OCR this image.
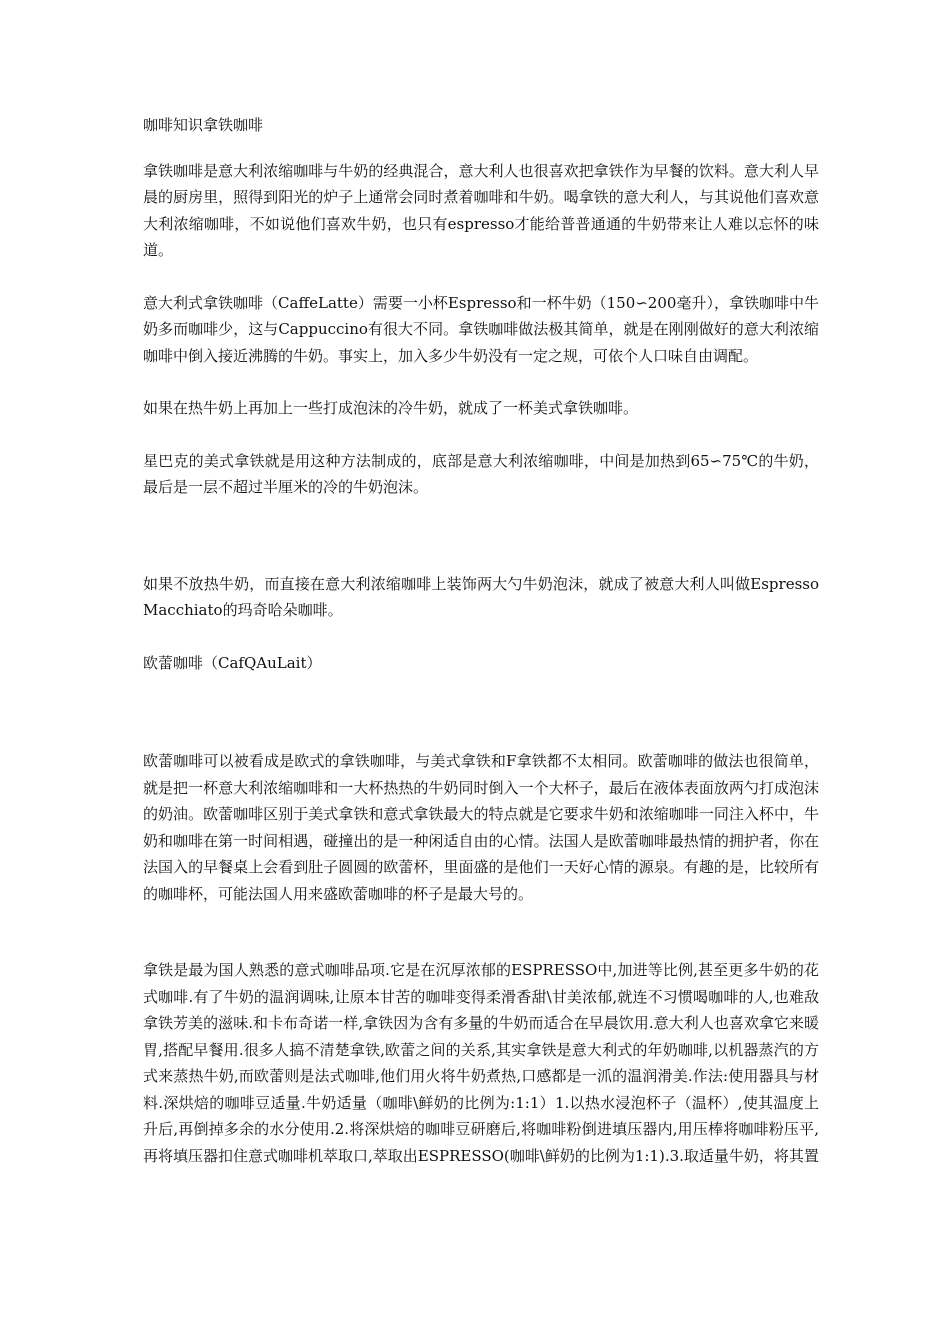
咖啡知识拿铁咖啡

拿铁咖啡是意大利浓缩咖啡与牛奶的经典混合，意大利人也很喜欢把拿铁作为早餐的饮料。意大利人早晨的厨房里，照得到阳光的炉子上通常会同时煮着咖啡和牛奶。喝拿铁的意大利人，与其说他们喜欢意大利浓缩咖啡，不如说他们喜欢牛奶，也只有espresso才能给普普通通的牛奶带来让人难以忘怀的味道。

意大利式拿铁咖啡（CaffeLatte）需要一小杯Espresso和一杯牛奶（150∽200毫升），拿铁咖啡中牛奶多而咖啡少，这与Cappuccino有很大不同。拿铁咖啡做法极其简单，就是在刚刚做好的意大利浓缩咖啡中倒入接近沸腾的牛奶。事实上，加入多少牛奶没有一定之规，可依个人口味自由调配。

如果在热牛奶上再加上一些打成泡沫的冷牛奶，就成了一杯美式拿铁咖啡。

星巴克的美式拿铁就是用这种方法制成的，底部是意大利浓缩咖啡，中间是加热到65∽75℃的牛奶，最后是一层不超过半厘米的冷的牛奶泡沫。

如果不放热牛奶，而直接在意大利浓缩咖啡上装饰两大勺牛奶泡沫，就成了被意大利人叫做EspressoMacchiato的玛奇哈朵咖啡。

欧蕾咖啡（CafQAuLait）

欧蕾咖啡可以被看成是欧式的拿铁咖啡，与美式拿铁和F拿铁都不太相同。欧蕾咖啡的做法也很简单，就是把一杯意大利浓缩咖啡和一大杯热热的牛奶同时倒入一个大杯子，最后在液体表面放两勺打成泡沫的奶油。欧蕾咖啡区别于美式拿铁和意式拿铁最大的特点就是它要求牛奶和浓缩咖啡一同注入杯中，牛奶和咖啡在第一时间相遇，碰撞出的是一种闲适自由的心情。法国人是欧蕾咖啡最热情的拥护者，你在法国入的早餐桌上会看到肚子圆圆的欧蕾杯，里面盛的是他们一天好心情的源泉。有趣的是，比较所有的咖啡杯，可能法国人用来盛欧蕾咖啡的杯子是最大号的。

拿铁是最为国人熟悉的意式咖啡品项.它是在沉厚浓郁的ESPRESSO中,加进等比例,甚至更多牛奶的花式咖啡.有了牛奶的温润调味,让原本甘苦的咖啡变得柔滑香甜\甘美浓郁,就连不习惯喝咖啡的人,也难敌拿铁芳美的滋味.和卡布奇诺一样,拿铁因为含有多量的牛奶而适合在早晨饮用.意大利人也喜欢拿它来暖胃,搭配早餐用.很多人搞不清楚拿铁,欧蕾之间的关系,其实拿铁是意大利式的年奶咖啡,以机器蒸汽的方式来蒸热牛奶,而欧蕾则是法式咖啡,他们用火将牛奶煮热,口感都是一沠的温润滑美.作法:使用器具与材料.深烘焙的咖啡豆适量.牛奶适量（咖啡\鲜奶的比例为:1:1）1.以热水浸泡杯子（温杯）,使其温度上升后,再倒掉多余的水分使用.2.将深烘焙的咖啡豆研磨后,将咖啡粉倒进填压器内,用压棒将咖啡粉压平,再将填压器扣住意式咖啡机萃取口,萃取出ESPRESSO(咖啡\鲜奶的比例为1:1).3.取适量牛奶，将其置
